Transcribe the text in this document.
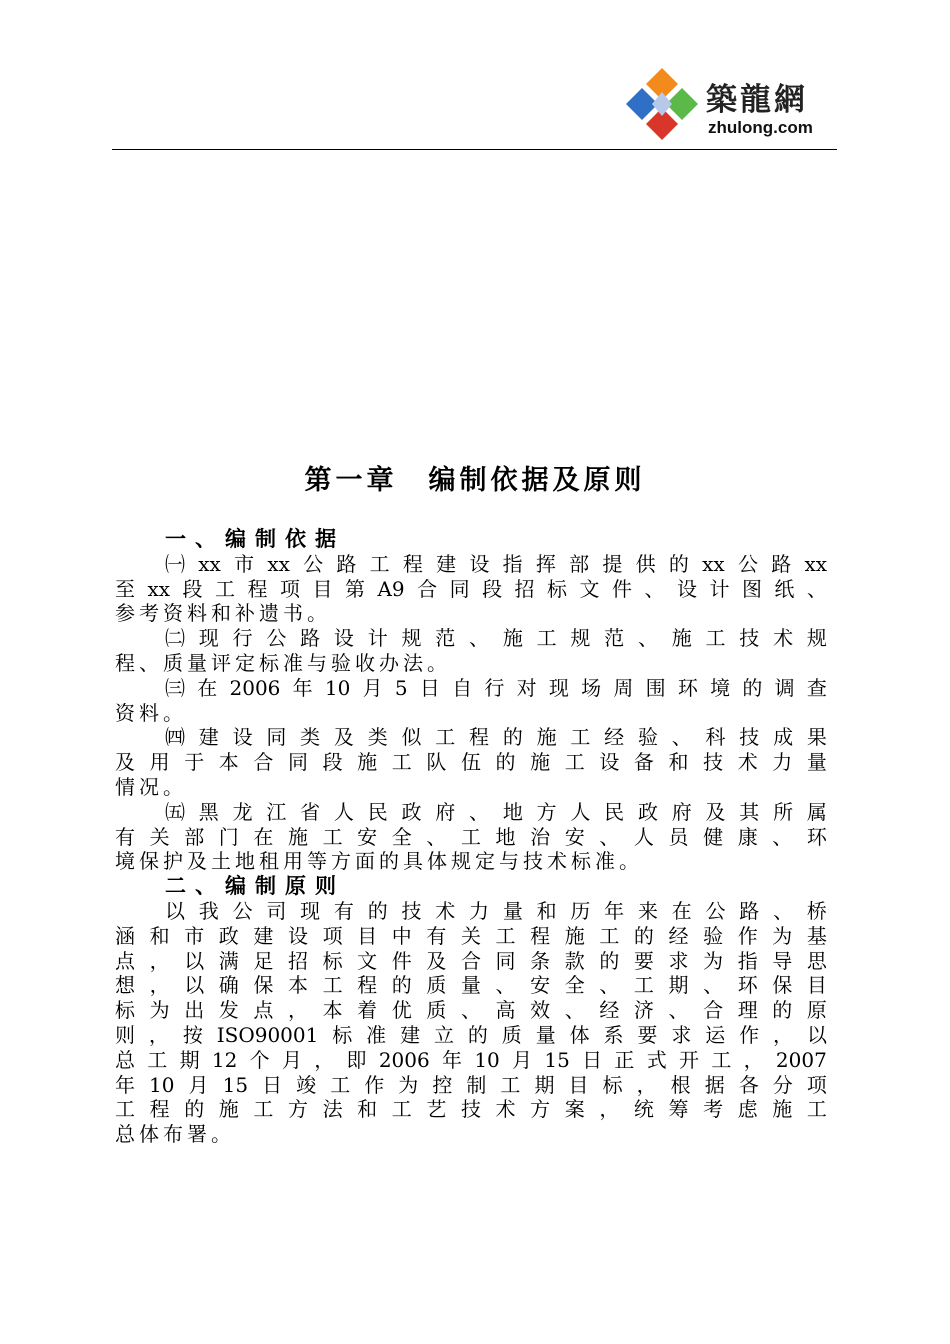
築龍網
zhulong.com
第一章　编制依据及原则
一、编制依据
㈠ xx 市 xx 公 路 工 程 建 设 指 挥 部 提 供 的 xx 公 路 xx
至 xx 段 工 程 项 目 第 A9 合 同 段 招 标 文 件 、 设 计 图 纸 、
参 考 资 料 和 补 遗 书 。
㈡ 现 行 公 路 设 计 规 范 、 施 工 规 范 、 施 工 技 术 规
程 、 质 量 评 定 标 准 与 验 收 办 法 。
㈢ 在 2006 年 10 月 5 日 自 行 对 现 场 周 围 环 境 的 调 查
资 料 。
㈣ 建 设 同 类 及 类 似 工 程 的 施 工 经 验 、 科 技 成 果
及 用 于 本 合 同 段 施 工 队 伍 的 施 工 设 备 和 技 术 力 量
情 况 。
㈤ 黑 龙 江 省 人 民 政 府 、 地 方 人 民 政 府 及 其 所 属
有 关 部 门 在 施 工 安 全 、 工 地 治 安 、 人 员 健 康 、 环
境 保 护 及 土 地 租 用 等 方 面 的 具 体 规 定 与 技 术 标 准 。
二、编制原则
以 我 公 司 现 有 的 技 术 力 量 和 历 年 来 在 公 路 、 桥
涵 和 市 政 建 设 项 目 中 有 关 工 程 施 工 的 经 验 作 为 基
点 ， 以 满 足 招 标 文 件 及 合 同 条 款 的 要 求 为 指 导 思
想 ， 以 确 保 本 工 程 的 质 量 、 安 全 、 工 期 、 环 保 目
标 为 出 发 点 ， 本 着 优 质 、 高 效 、 经 济 、 合 理 的 原
则 ， 按 ISO90001 标 准 建 立 的 质 量 体 系 要 求 运 作 ， 以
总 工 期 12 个 月 ， 即 2006 年 10 月 15 日 正 式 开 工 ， 2007
年 10 月 15 日 竣 工 作 为 控 制 工 期 目 标 ， 根 据 各 分 项
工 程 的 施 工 方 法 和 工 艺 技 术 方 案 ， 统 筹 考 虑 施 工
总 体 布 署 。
